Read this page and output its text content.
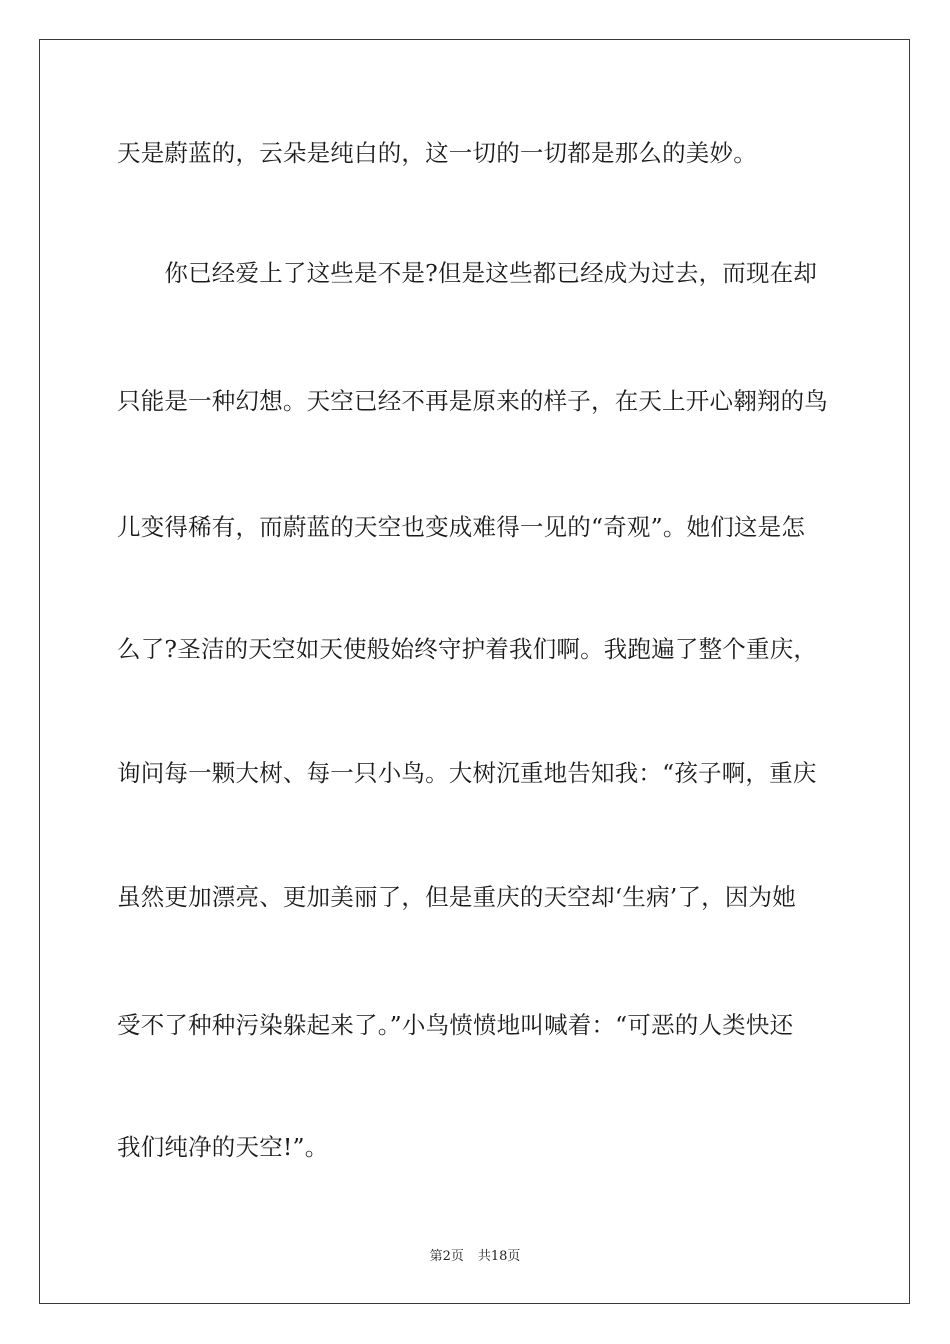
天是蔚蓝的，云朵是纯白的，这一切的一切都是那么的美妙。
　　你已经爱上了这些是不是?但是这些都已经成为过去，而现在却
只能是一种幻想。天空已经不再是原来的样子，在天上开心翱翔的鸟
儿变得稀有，而蔚蓝的天空也变成难得一见的“奇观”。她们这是怎
么了?圣洁的天空如天使般始终守护着我们啊。我跑遍了整个重庆，
询问每一颗大树、每一只小鸟。大树沉重地告知我：“孩子啊，重庆
虽然更加漂亮、更加美丽了，但是重庆的天空却‘生病’了，因为她
受不了种种污染躲起来了。”小鸟愤愤地叫喊着：“可恶的人类快还
我们纯净的天空!”。
第2页 共18页
